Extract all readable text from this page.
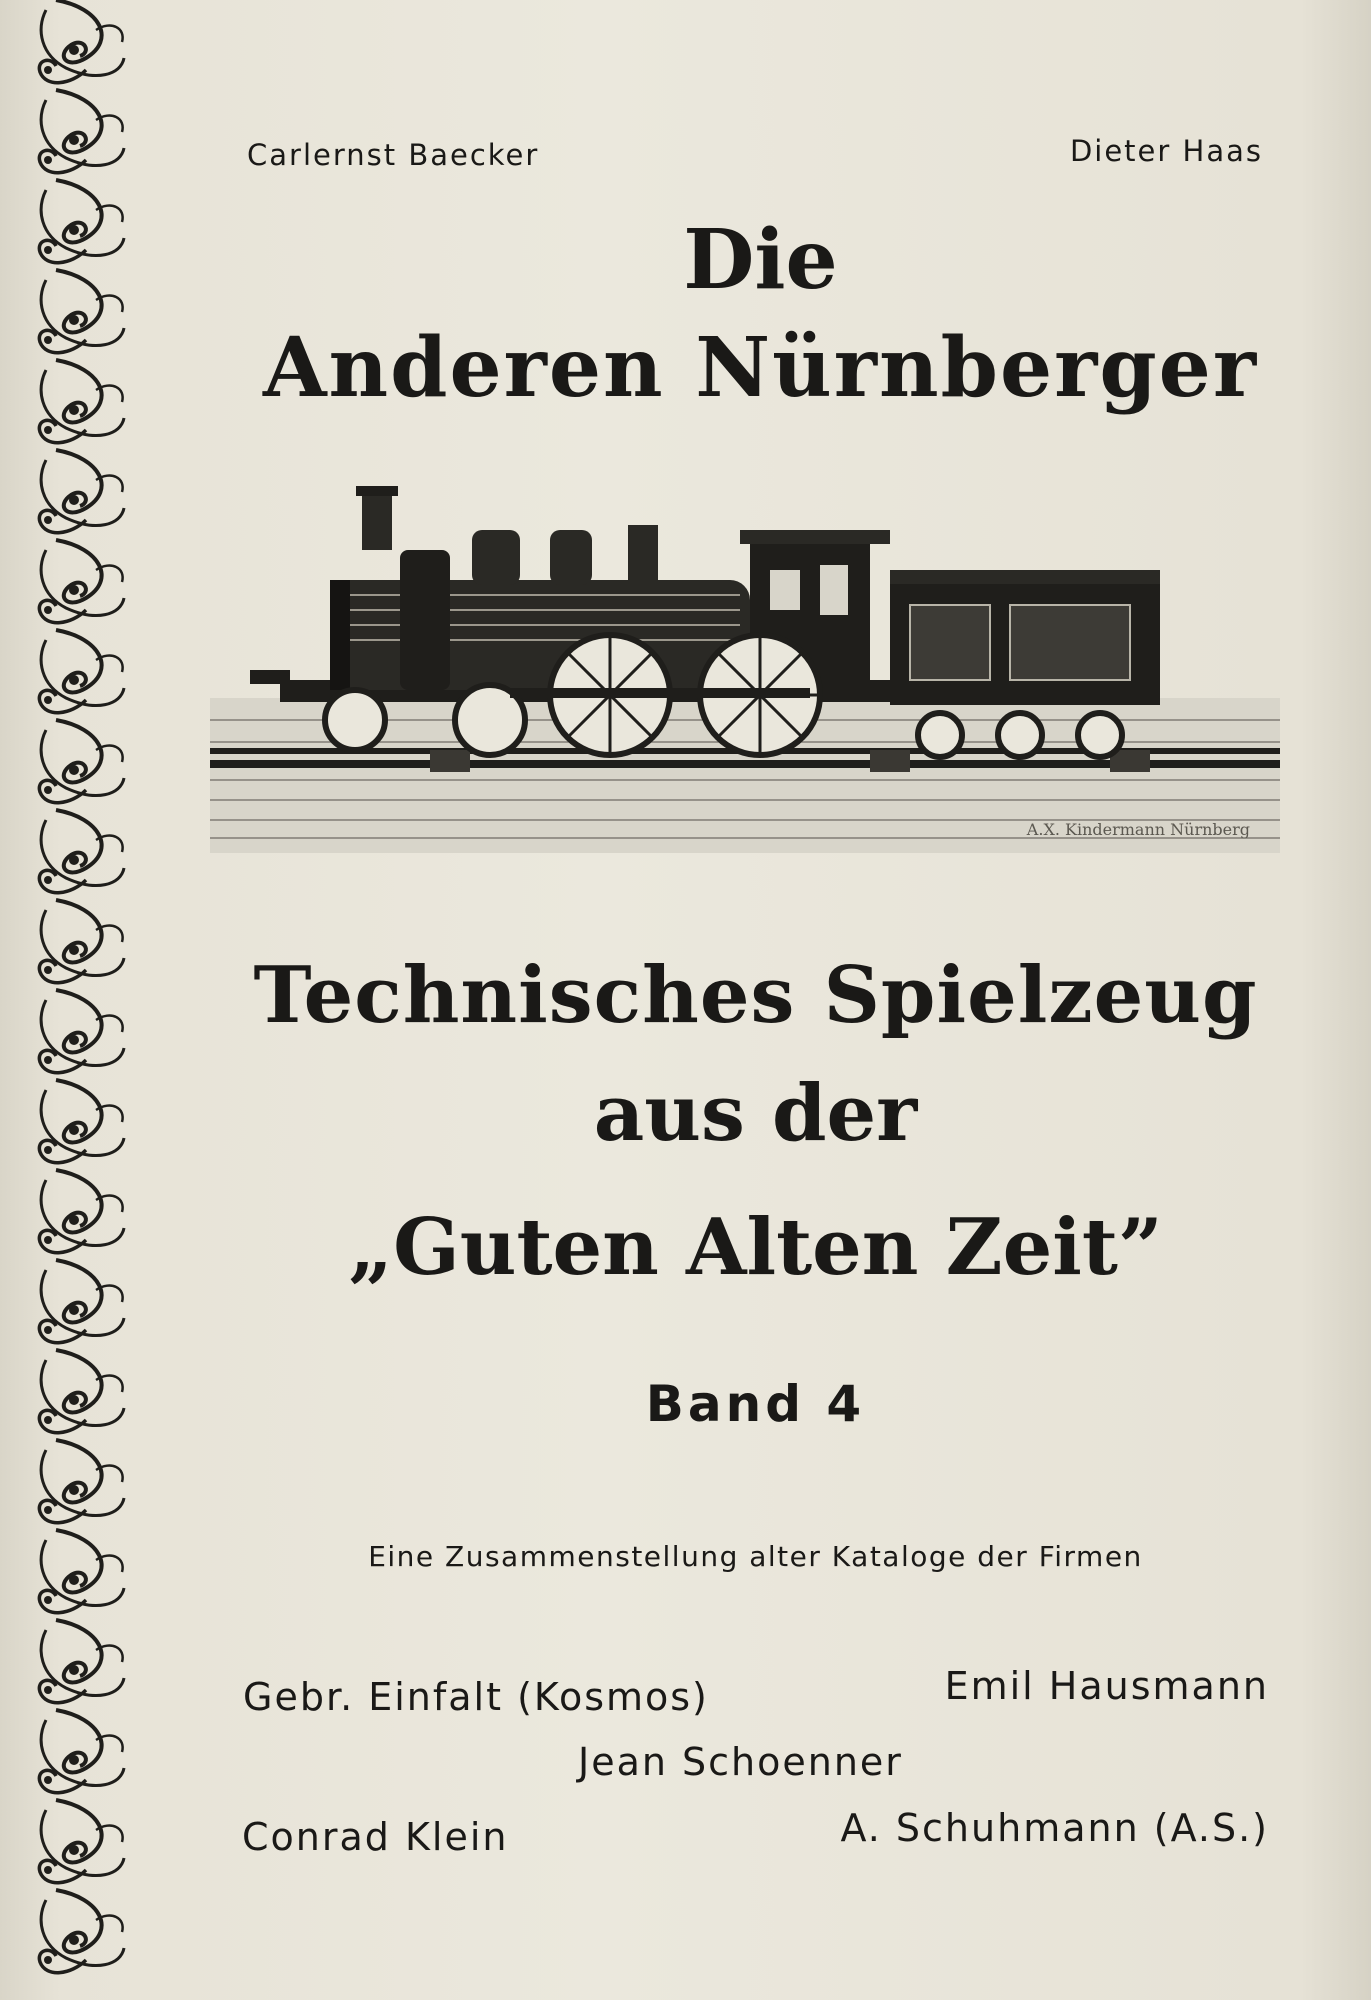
Carlernst Baecker	Dieter Haas
Die
Anderen Nürnberger
A.X. Kindermann Nürnberg
Technisches Spielzeug
aus der
„Guten Alten Zeit”
Band 4
Eine Zusammenstellung alter Kataloge der Firmen
Gebr. Einfalt (Kosmos)	Emil Hausmann
Jean Schoenner
Conrad Klein	A. Schuhmann (A.S.)
